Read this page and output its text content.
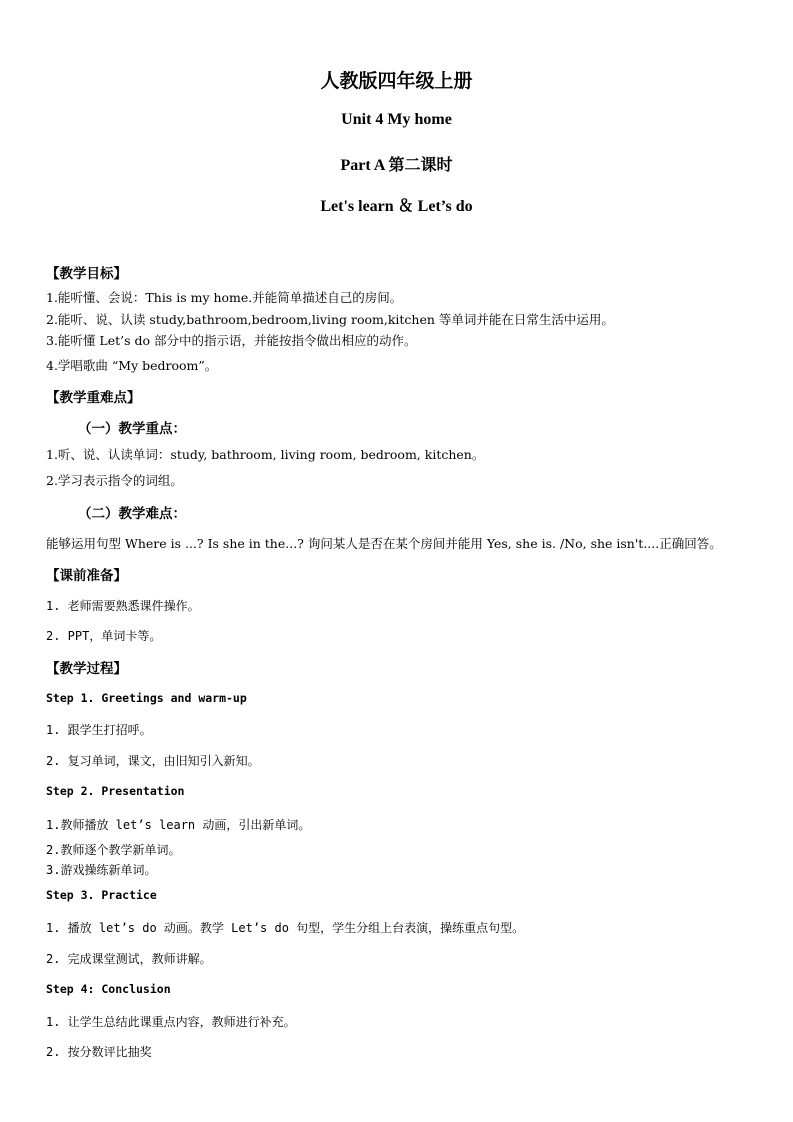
人教版四年级上册
Unit 4 My home
Part A 第二课时
Let's learn ＆ Let’s do
【教学目标】
1.能听懂、会说：This is my home.并能简单描述自己的房间。
2.能听、说、认读 study,bathroom,bedroom,living room,kitchen 等单词并能在日常生活中运用。
3.能听懂 Let’s do 部分中的指示语，并能按指令做出相应的动作。
4.学唱歌曲 “My bedroom”。
【教学重难点】
（一）教学重点：
1.听、说、认读单词：study, bathroom, living room, bedroom, kitchen。
2.学习表示指令的词组。
（二）教学难点：
能够运用句型 Where is ...? Is she in the...? 询问某人是否在某个房间并能用 Yes, she is. /No, she isn't....正确回答。
【课前准备】
1. 老师需要熟悉课件操作。
2. PPT，单词卡等。
【教学过程】
Step 1. Greetings and warm-up
1. 跟学生打招呼。
2. 复习单词，课文，由旧知引入新知。
Step 2. Presentation
1.教师播放 let’s learn 动画，引出新单词。
2.教师逐个教学新单词。
3.游戏操练新单词。
Step 3. Practice
1. 播放 let’s do 动画。教学 Let’s do 句型，学生分组上台表演，操练重点句型。
2. 完成课堂测试，教师讲解。
Step 4: Conclusion
1. 让学生总结此课重点内容，教师进行补充。
2. 按分数评比抽奖
